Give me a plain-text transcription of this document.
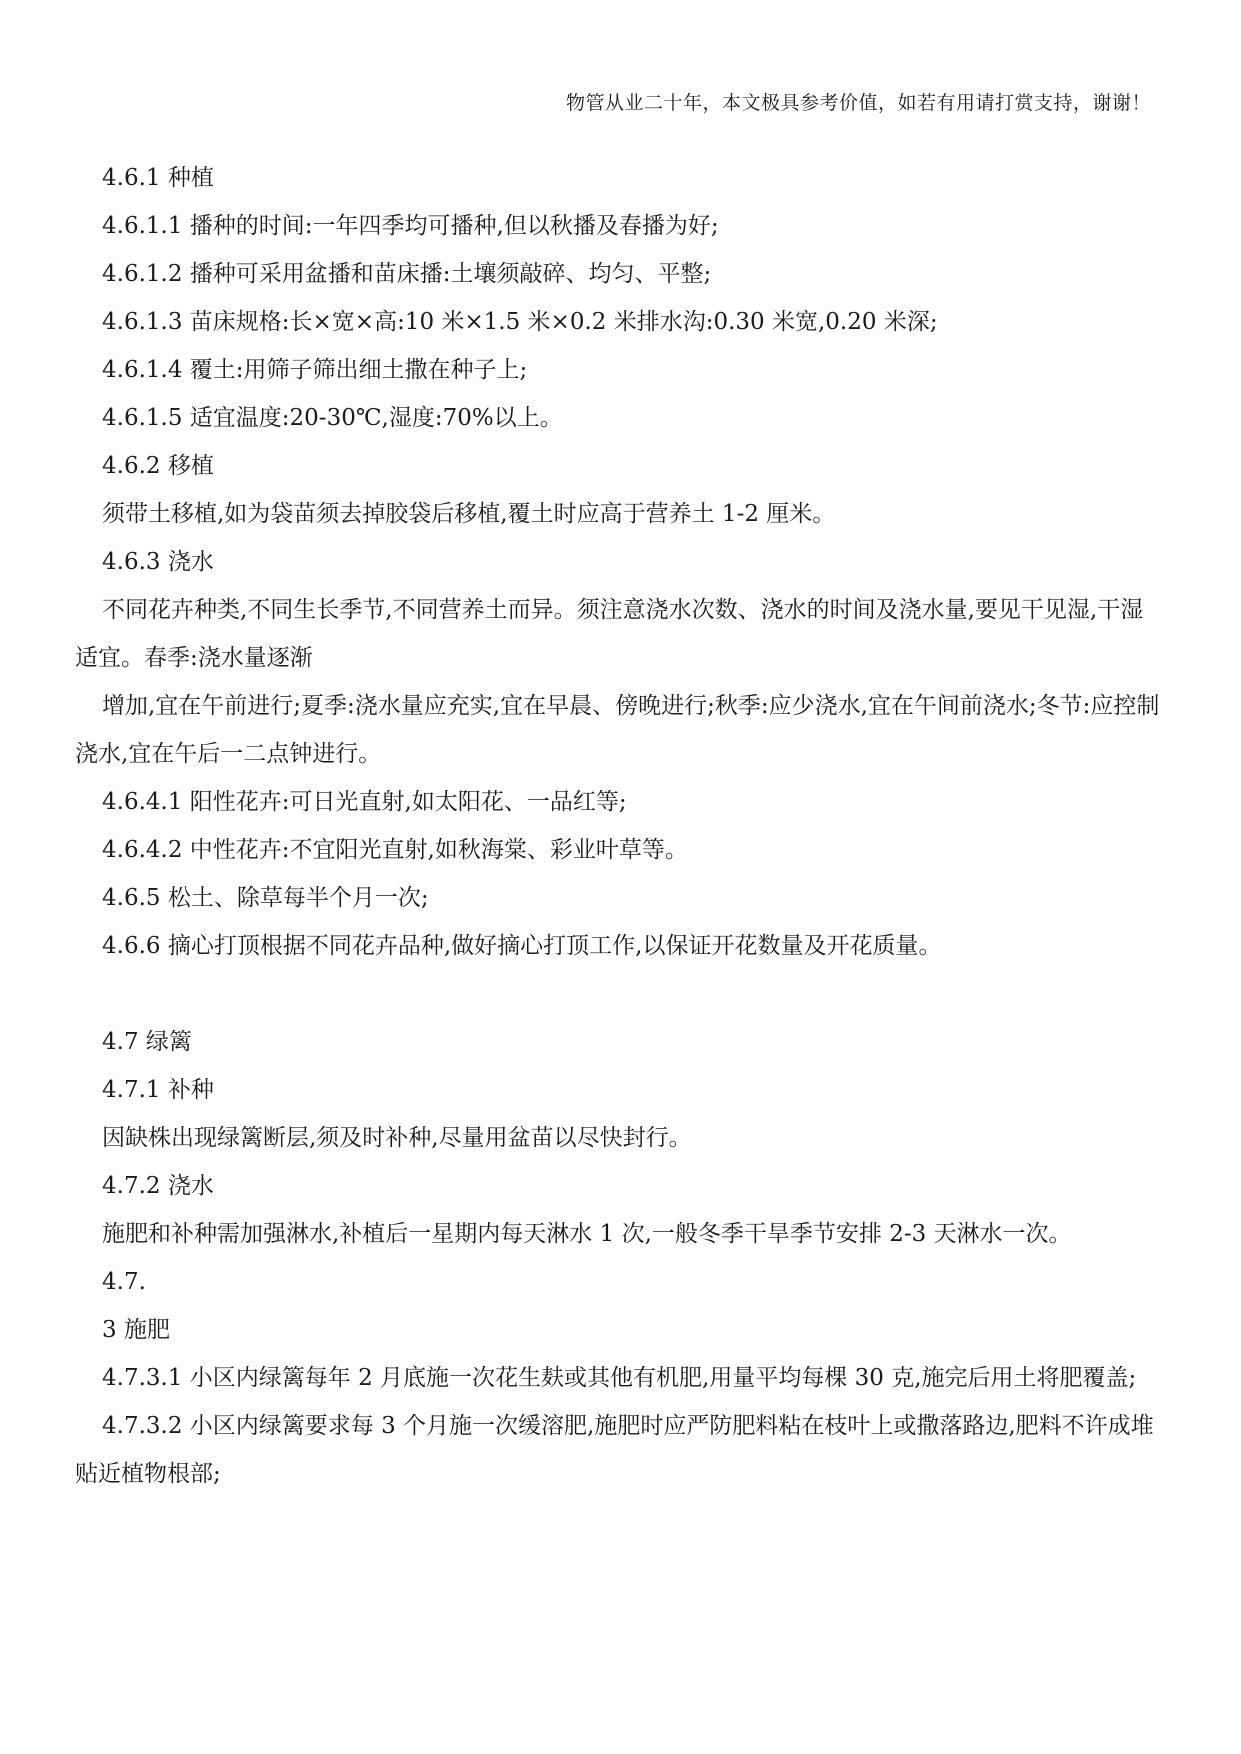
物管从业二十年，本文极具参考价值，如若有用请打赏支持，谢谢！

4.6.1 种植

4.6.1.1 播种的时间:一年四季均可播种,但以秋播及春播为好;

4.6.1.2 播种可采用盆播和苗床播:土壤须敲碎、均匀、平整;

4.6.1.3 苗床规格:长×宽×高:10 米×1.5 米×0.2 米排水沟:0.30 米宽,0.20 米深;

4.6.1.4 覆土:用筛子筛出细土撒在种子上;

4.6.1.5 适宜温度:20-30℃,湿度:70%以上。

4.6.2 移植

须带土移植,如为袋苗须去掉胶袋后移植,覆土时应高于营养土 1-2 厘米。

4.6.3 浇水

不同花卉种类,不同生长季节,不同营养土而异。须注意浇水次数、浇水的时间及浇水量,要见干见湿,干湿适宜。春季:浇水量逐渐

增加,宜在午前进行;夏季:浇水量应充实,宜在早晨、傍晚进行;秋季:应少浇水,宜在午间前浇水;冬节:应控制浇水,宜在午后一二点钟进行。

4.6.4.1 阳性花卉:可日光直射,如太阳花、一品红等;

4.6.4.2 中性花卉:不宜阳光直射,如秋海棠、彩业叶草等。

4.6.5 松土、除草每半个月一次;

4.6.6 摘心打顶根据不同花卉品种,做好摘心打顶工作,以保证开花数量及开花质量。

4.7 绿篱

4.7.1 补种

因缺株出现绿篱断层,须及时补种,尽量用盆苗以尽快封行。

4.7.2 浇水

施肥和补种需加强淋水,补植后一星期内每天淋水 1 次,一般冬季干旱季节安排 2-3 天淋水一次。

4.7.

3 施肥

4.7.3.1 小区内绿篱每年 2 月底施一次花生麸或其他有机肥,用量平均每棵 30 克,施完后用土将肥覆盖;

4.7.3.2 小区内绿篱要求每 3 个月施一次缓溶肥,施肥时应严防肥料粘在枝叶上或撒落路边,肥料不许成堆贴近植物根部;
